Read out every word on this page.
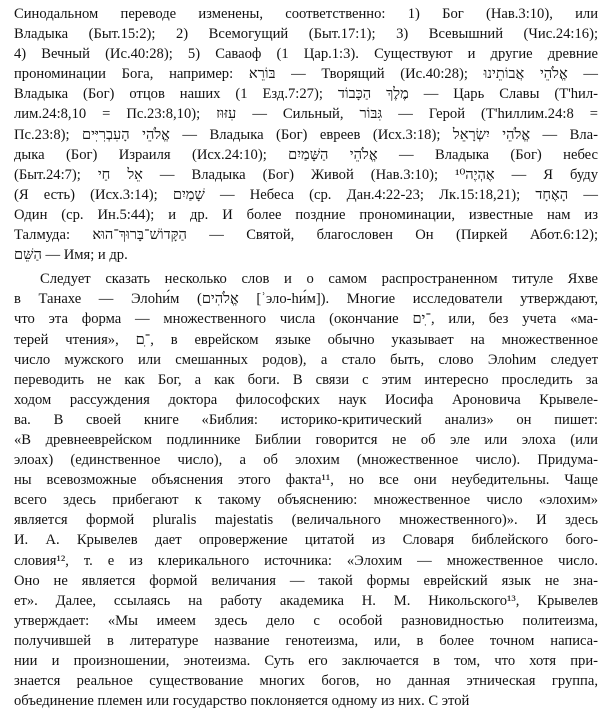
Синодальном переводе изменены, соответственно: 1) Бог (Нав.3:10), или
Владыка (Быт.15:2); 2) Всемогущий (Быт.17:1); 3) Всевышний (Чис.24:16);
4) Вечный (Ис.40:28); 5) Саваоф (1 Цар.1:3). Существуют и другие древние
прономинации Бога, например: בּוֹרֵא — Творящий (Ис.40:28); אֱלֹהֵי אֲבוֹתֵינוּ —
Владыка (Бог) отцов наших (1 Езд.7:27); מֶלֶךְ הַכָּבוֹד — Царь Славы (Т'hил-
лим.24:8,10 = Пс.23:8,10); עִזּוּז — Сильный, גִּבּוֹר — Герой (Т'hиллим.24:8 =
Пс.23:8); אֱלֹהֵי הָעִבְרִיִּים — Владыка (Бог) евреев (Исх.3:18); אֱלֹהֵי יִשְׂרָאֵל — Вла-
дыка (Бог) Израиля (Исх.24:10); אֱלֹהֵי הַשָּׁמַיִם — Владыка (Бог) небес
(Быт.24:7); אֵל חַי — Владыка (Бог) Живой (Нав.3:10); אֶהְיֶה¹⁰ — Я буду
(Я есть) (Исх.3:14); שָׁמַיִם — Небеса (ср. Дан.4:22-23; Лк.15:18,21); הָאֶחָד —
Один (ср. Ин.5:44); и др. И более поздние прономинации, известные нам из
Талмуда: הַקָּדוֹשׁ־בָּרוּךְ־הוּא — Святой, благословен Он (Пиркей Абот.6:12);
הַשֵּׁם — Имя; и др.
Следует сказать несколько слов и о самом распространенном титуле Яхве
в Танахе — Элоhи́м (אֱלֹהִים [ʾэло-hи́м]). Многие исследователи утверждают,
что эта форма — множественного числа (окончание ־ִים, или, без учета «ма-
терей чтения», ־ִם, в еврейском языке обычно указывает на множественное
число мужского или смешанных родов), а стало быть, слово Элоhим следует
переводить не как Бог, а как боги. В связи с этим интересно проследить за
ходом рассуждения доктора философских наук Иосифа Ароновича Крывеле-
ва. В своей книге «Библия: историко-критический анализ» он пишет:
«В древнееврейском подлиннике Библии говорится не об эле или элоха (или
элоах) (единственное число), а об элохим (множественное число). Придума-
ны всевозможные объяснения этого факта¹¹, но все они неубедительны. Чаще
всего здесь прибегают к такому объяснению: множественное число «элохим»
является формой pluralis majestatis (величального множественного)». И здесь
И. А. Крывелев дает опровержение цитатой из Словаря библейского бого-
словия¹², т. е из клерикального источника: «Элохим — множественное число.
Оно не является формой величания — такой формы еврейский язык не зна-
ет». Далее, ссылаясь на работу академика Н. М. Никольского¹³, Крывелев
утверждает: «Мы имеем здесь дело с особой разновидностью политеизма,
получившей в литературе название генотеизма, или, в более точном написа-
нии и произношении, энотеизма. Суть его заключается в том, что хотя при-
знается реальное существование многих богов, но данная этническая группа,
объединение племен или государство поклоняется одному из них. С этой
